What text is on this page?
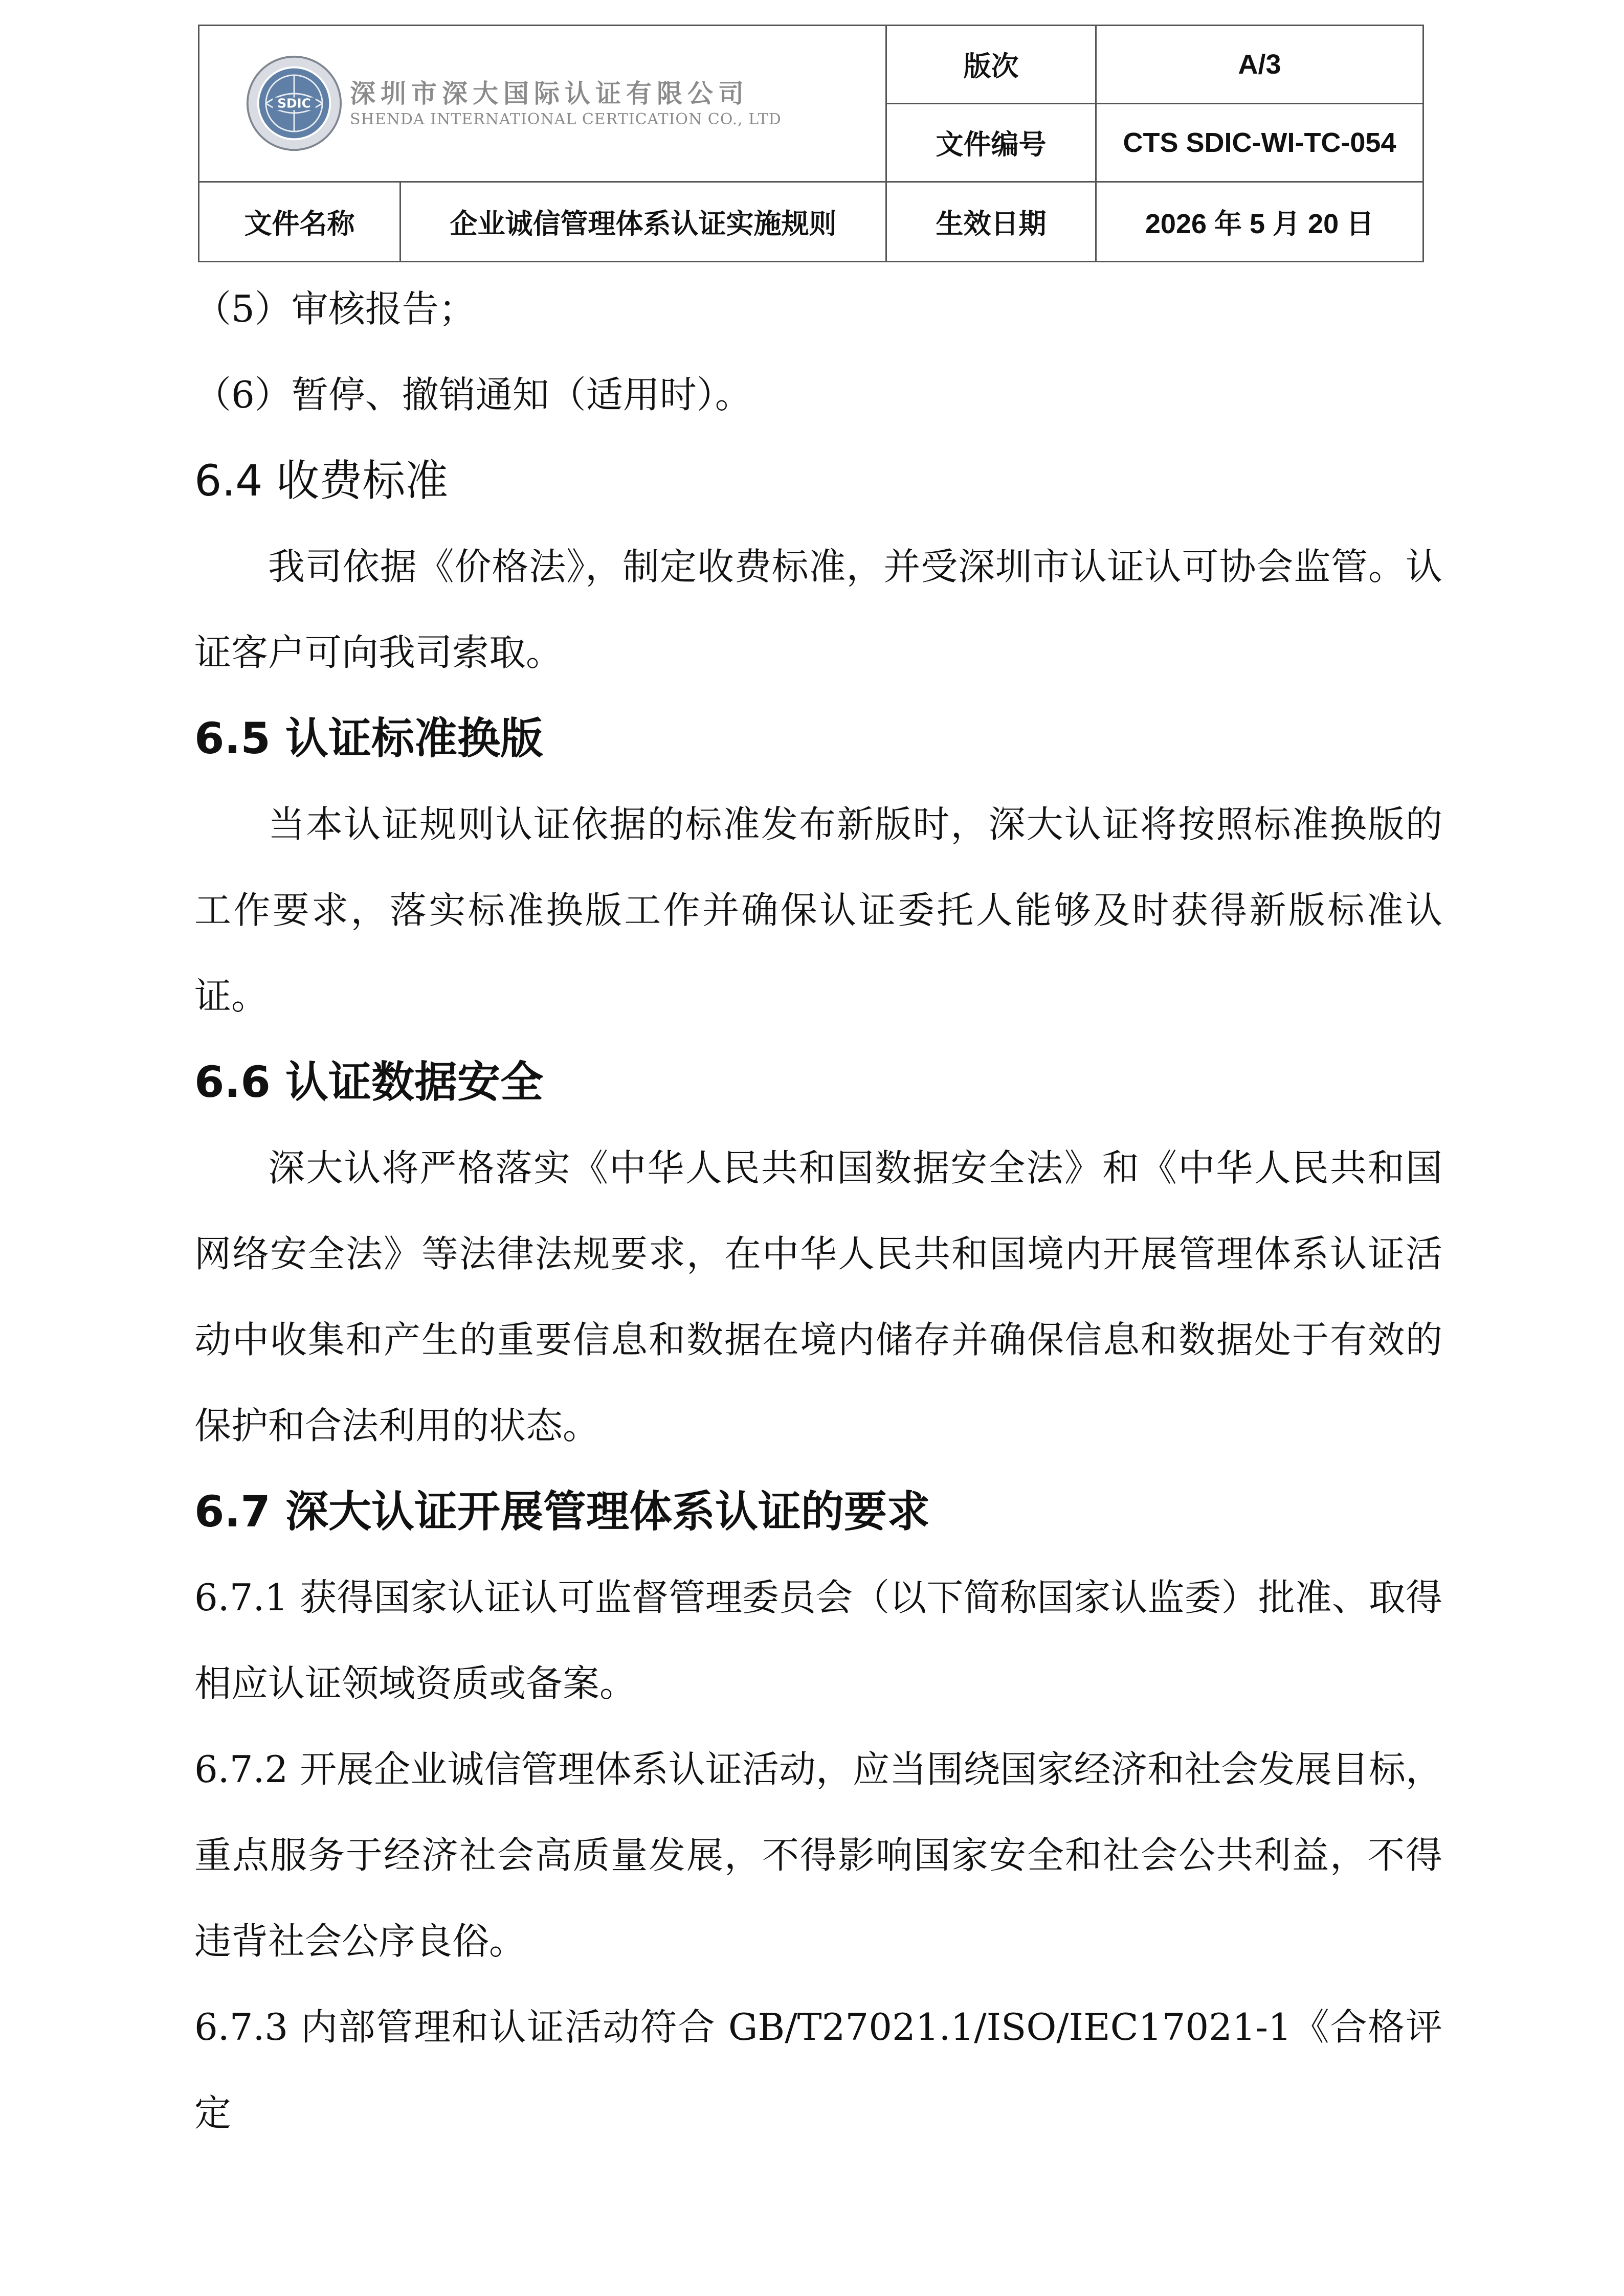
SDIC 深圳市深大国际认证有限公司
SHENDA INTERNATIONAL CERTICATION CO., LTD		版次	A/3
		文件编号	CTS SDIC-WI-TC-054
文件名称	企业诚信管理体系认证实施规则	生效日期	2026 年 5 月 20 日

（5）审核报告；

（6）暂停、撤销通知（适用时）。

6.4 收费标准

我司依据《价格法》，制定收费标准，并受深圳市认证认可协会监管。认证客户可向我司索取。

6.5 认证标准换版

当本认证规则认证依据的标准发布新版时，深大认证将按照标准换版的工作要求，落实标准换版工作并确保认证委托人能够及时获得新版标准认证。

6.6 认证数据安全

深大认将严格落实《中华人民共和国数据安全法》和《中华人民共和国网络安全法》等法律法规要求，在中华人民共和国境内开展管理体系认证活动中收集和产生的重要信息和数据在境内储存并确保信息和数据处于有效的保护和合法利用的状态。

6.7 深大认证开展管理体系认证的要求

6.7.1 获得国家认证认可监督管理委员会（以下简称国家认监委）批准、取得相应认证领域资质或备案。

6.7.2 开展企业诚信管理体系认证活动，应当围绕国家经济和社会发展目标，重点服务于经济社会高质量发展，不得影响国家安全和社会公共利益，不得违背社会公序良俗。

6.7.3 内部管理和认证活动符合 GB/T27021.1/ISO/IEC17021-1《合格评定
